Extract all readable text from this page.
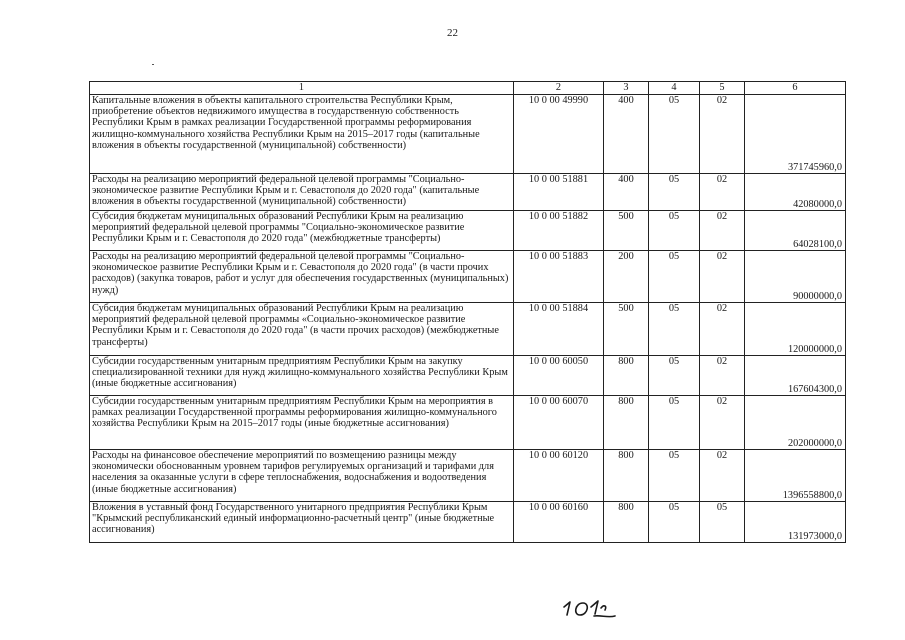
22
1	2	3	4	5	6
Капитальные вложения в объекты капитального строительства Республики Крым, приобретение объектов недвижимого имущества в государственную собственность Республики Крым в рамках реализации Государственной программы реформирования жилищно-коммунального хозяйства Республики Крым на 2015–2017 годы (капитальные вложения в объекты государственной (муниципальной) собственности)	10 0 00 49990	400	05	02	371745960,0
Расходы на реализацию мероприятий федеральной целевой программы "Социально-экономическое развитие Республики Крым и г. Севастополя до 2020 года" (капитальные вложения в объекты государственной (муниципальной) собственности)	10 0 00 51881	400	05	02	42080000,0
Субсидия бюджетам муниципальных образований Республики Крым на реализацию мероприятий федеральной целевой программы "Социально-экономическое развитие Республики Крым и г. Севастополя до 2020 года" (межбюджетные трансферты)	10 0 00 51882	500	05	02	64028100,0
Расходы на реализацию мероприятий федеральной целевой программы "Социально-экономическое развитие Республики Крым и г. Севастополя до 2020 года" (в части прочих расходов) (закупка товаров, работ и услуг для обеспечения государственных (муниципальных) нужд)	10 0 00 51883	200	05	02	90000000,0
Субсидия бюджетам муниципальных образований Республики Крым на реализацию мероприятий федеральной целевой программы «Социально-экономическое развитие Республики Крым и г. Севастополя до 2020 года" (в части прочих расходов) (межбюджетные трансферты)	10 0 00 51884	500	05	02	120000000,0
Субсидии государственным унитарным предприятиям Республики Крым на закупку специализированной техники для нужд жилищно-коммунального хозяйства Республики Крым (иные бюджетные ассигнования)	10 0 00 60050	800	05	02	167604300,0
Субсидии государственным унитарным предприятиям Республики Крым на мероприятия в рамках реализации Государственной программы реформирования жилищно-коммунального хозяйства Республики Крым на 2015–2017 годы (иные бюджетные ассигнования)	10 0 00 60070	800	05	02	202000000,0
Расходы на финансовое обеспечение мероприятий по возмещению разницы между экономически обоснованным уровнем тарифов регулируемых организаций и тарифами для населения за оказанные услуги в сфере теплоснабжения, водоснабжения и водоотведения (иные бюджетные ассигнования)	10 0 00 60120	800	05	02	1396558800,0
Вложения в уставный фонд Государственного унитарного предприятия Республики Крым "Крымский республиканский единый информационно-расчетный центр" (иные бюджетные ассигнования)	10 0 00 60160	800	05	05	131973000,0
